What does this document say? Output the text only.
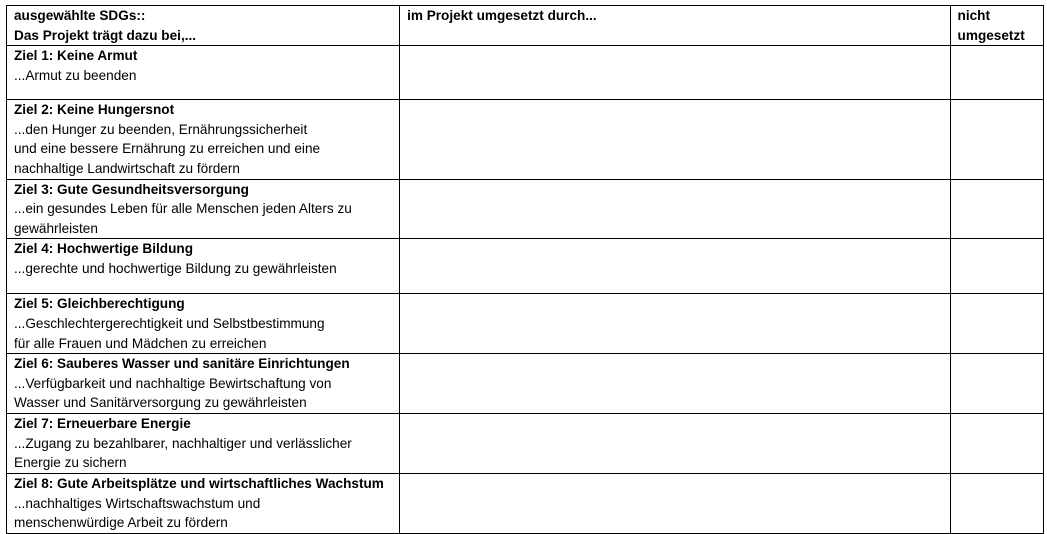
ausgewählte SDGs::
Das Projekt trägt dazu bei,...	im Projekt umgesetzt durch...	nicht
umgesetzt

Ziel 1: Keine Armut
...Armut zu beenden		

Ziel 2: Keine Hungersnot
...den Hunger zu beenden, Ernährungssicherheit
und eine bessere Ernährung zu erreichen und eine
nachhaltige Landwirtschaft zu fördern		

Ziel 3: Gute Gesundheitsversorgung
...ein gesundes Leben für alle Menschen jeden Alters zu
gewährleisten		

Ziel 4: Hochwertige Bildung
...gerechte und hochwertige Bildung zu gewährleisten		

Ziel 5: Gleichberechtigung
...Geschlechtergerechtigkeit und Selbstbestimmung
für alle Frauen und Mädchen zu erreichen		

Ziel 6: Sauberes Wasser und sanitäre Einrichtungen
...Verfügbarkeit und nachhaltige Bewirtschaftung von
Wasser und Sanitärversorgung zu gewährleisten		

Ziel 7: Erneuerbare Energie
...Zugang zu bezahlbarer, nachhaltiger und verlässlicher
Energie zu sichern		

Ziel 8: Gute Arbeitsplätze und wirtschaftliches Wachstum
...nachhaltiges Wirtschaftswachstum und
menschenwürdige Arbeit zu fördern		
